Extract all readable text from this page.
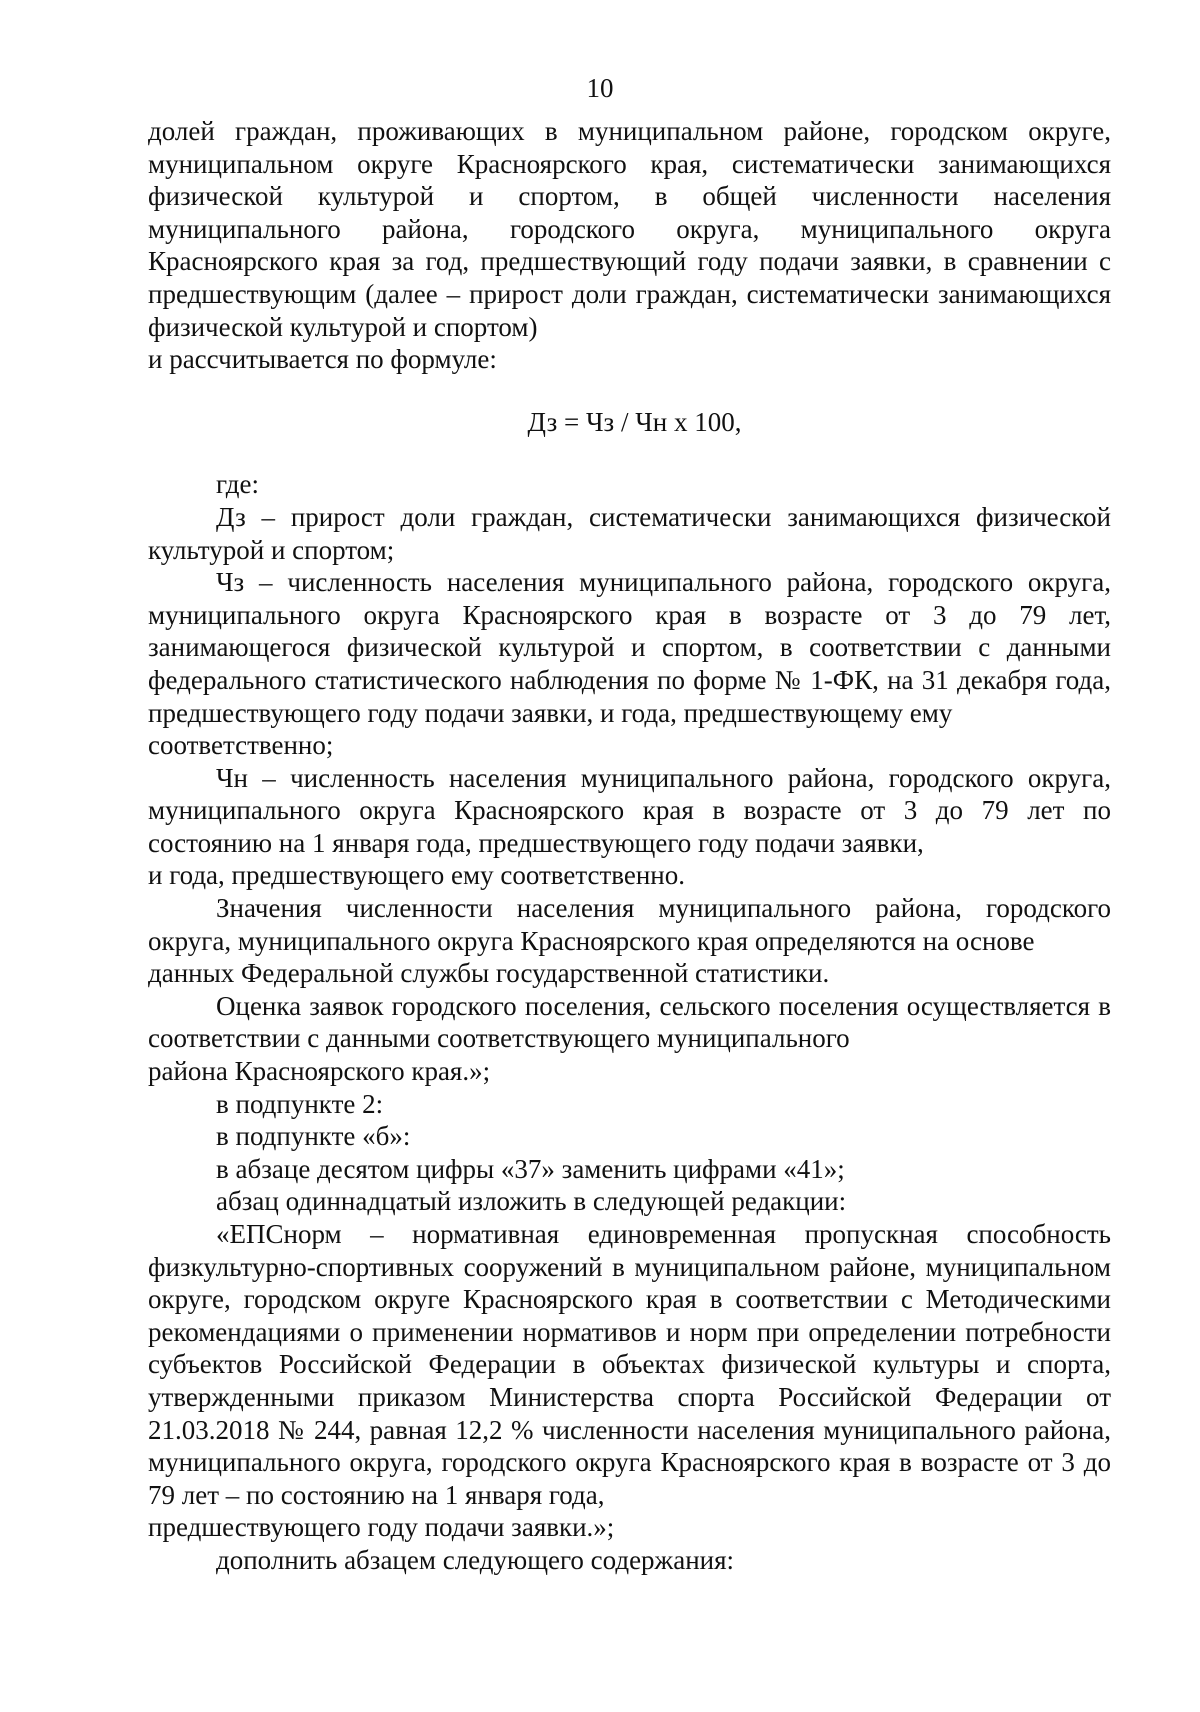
10

долей граждан, проживающих в муниципальном районе, городском округе, муниципальном округе Красноярского края, систематически занимающихся физической культурой и спортом, в общей численности населения муниципального района, городского округа, муниципального округа Красноярского края за год, предшествующий году подачи заявки, в сравнении с предшествующим (далее – прирост доли граждан, систематически занимающихся физической культурой и спортом)

и рассчитывается по формуле:

Дз = Чз / Чн х 100,

где:

Дз – прирост доли граждан, систематически занимающихся физической культурой и спортом;

Чз – численность населения муниципального района, городского округа, муниципального округа Красноярского края в возрасте от 3 до 79 лет, занимающегося физической культурой и спортом, в соответствии с данными федерального статистического наблюдения по форме № 1-ФК, на 31 декабря года, предшествующего году подачи заявки, и года, предшествующему ему

соответственно;

Чн – численность населения муниципального района, городского округа, муниципального округа Красноярского края в возрасте от 3 до 79 лет по состоянию на 1 января года, предшествующего году подачи заявки,

и года, предшествующего ему соответственно.

Значения численности населения муниципального района, городского округа, муниципального округа Красноярского края определяются на основе

данных Федеральной службы государственной статистики.

Оценка заявок городского поселения, сельского поселения осуществляется в соответствии с данными соответствующего муниципального

района Красноярского края.»;

в подпункте 2:

в подпункте «б»:

в абзаце десятом цифры «37» заменить цифрами «41»;

абзац одиннадцатый изложить в следующей редакции:

«ЕПСнорм – нормативная единовременная пропускная способность физкультурно-спортивных сооружений в муниципальном районе, муниципальном округе, городском округе Красноярского края в соответствии с Методическими рекомендациями о применении нормативов и норм при определении потребности субъектов Российской Федерации в объектах физической культуры и спорта, утвержденными приказом Министерства спорта Российской Федерации от 21.03.2018 № 244, равная 12,2 % численности населения муниципального района, муниципального округа, городского округа Красноярского края в возрасте от 3 до 79 лет – по состоянию на 1 января года,

предшествующего году подачи заявки.»;

дополнить абзацем следующего содержания:
